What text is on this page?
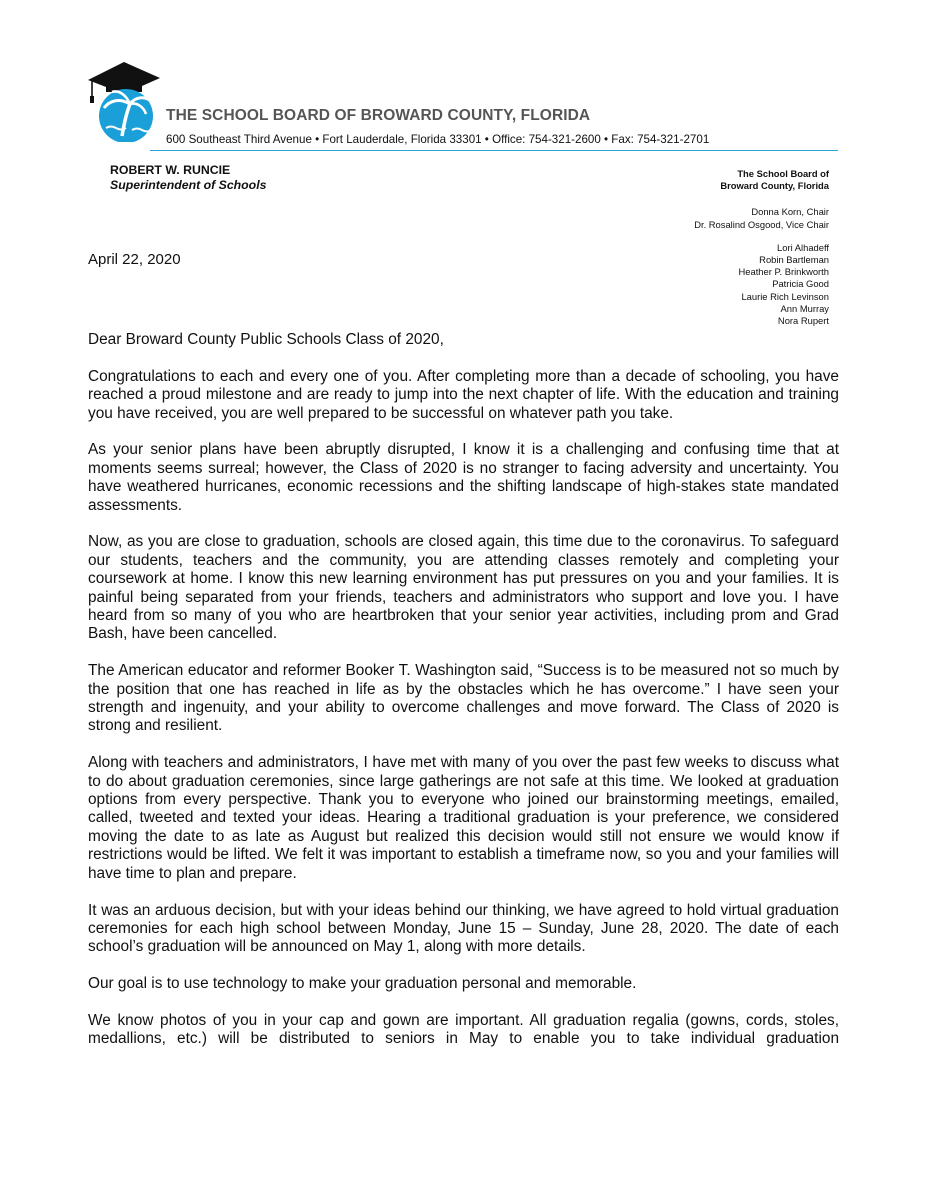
THE SCHOOL BOARD OF BROWARD COUNTY, FLORIDA
600 Southeast Third Avenue • Fort Lauderdale, Florida 33301 • Office: 754-321-2600 • Fax: 754-321-2701
ROBERT W. RUNCIE
Superintendent of Schools
The School Board of
Broward County, Florida
Donna Korn, Chair
Dr. Rosalind Osgood, Vice Chair
Lori Alhadeff
Robin Bartleman
Heather P. Brinkworth
Patricia Good
Laurie Rich Levinson
Ann Murray
Nora Rupert
April 22, 2020

Dear Broward County Public Schools Class of 2020,

Congratulations to each and every one of you. After completing more than a decade of schooling, you have reached a proud milestone and are ready to jump into the next chapter of life. With the education and training you have received, you are well prepared to be successful on whatever path you take.

As your senior plans have been abruptly disrupted, I know it is a challenging and confusing time that at moments seems surreal; however, the Class of 2020 is no stranger to facing adversity and uncertainty. You have weathered hurricanes, economic recessions and the shifting landscape of high-stakes state mandated assessments.

Now, as you are close to graduation, schools are closed again, this time due to the coronavirus. To safeguard our students, teachers and the community, you are attending classes remotely and completing your coursework at home. I know this new learning environment has put pressures on you and your families. It is painful being separated from your friends, teachers and administrators who support and love you. I have heard from so many of you who are heartbroken that your senior year activities, including prom and Grad Bash, have been cancelled.

The American educator and reformer Booker T. Washington said, “Success is to be measured not so much by the position that one has reached in life as by the obstacles which he has overcome.” I have seen your strength and ingenuity, and your ability to overcome challenges and move forward. The Class of 2020 is strong and resilient.

Along with teachers and administrators, I have met with many of you over the past few weeks to discuss what to do about graduation ceremonies, since large gatherings are not safe at this time. We looked at graduation options from every perspective. Thank you to everyone who joined our brainstorming meetings, emailed, called, tweeted and texted your ideas. Hearing a traditional graduation is your preference, we considered moving the date to as late as August but realized this decision would still not ensure we would know if restrictions would be lifted. We felt it was important to establish a timeframe now, so you and your families will have time to plan and prepare.

It was an arduous decision, but with your ideas behind our thinking, we have agreed to hold virtual graduation ceremonies for each high school between Monday, June 15 – Sunday, June 28, 2020. The date of each school’s graduation will be announced on May 1, along with more details.

Our goal is to use technology to make your graduation personal and memorable.

We know photos of you in your cap and gown are important. All graduation regalia (gowns, cords, stoles, medallions, etc.) will be distributed to seniors in May to enable you to take individual graduation
